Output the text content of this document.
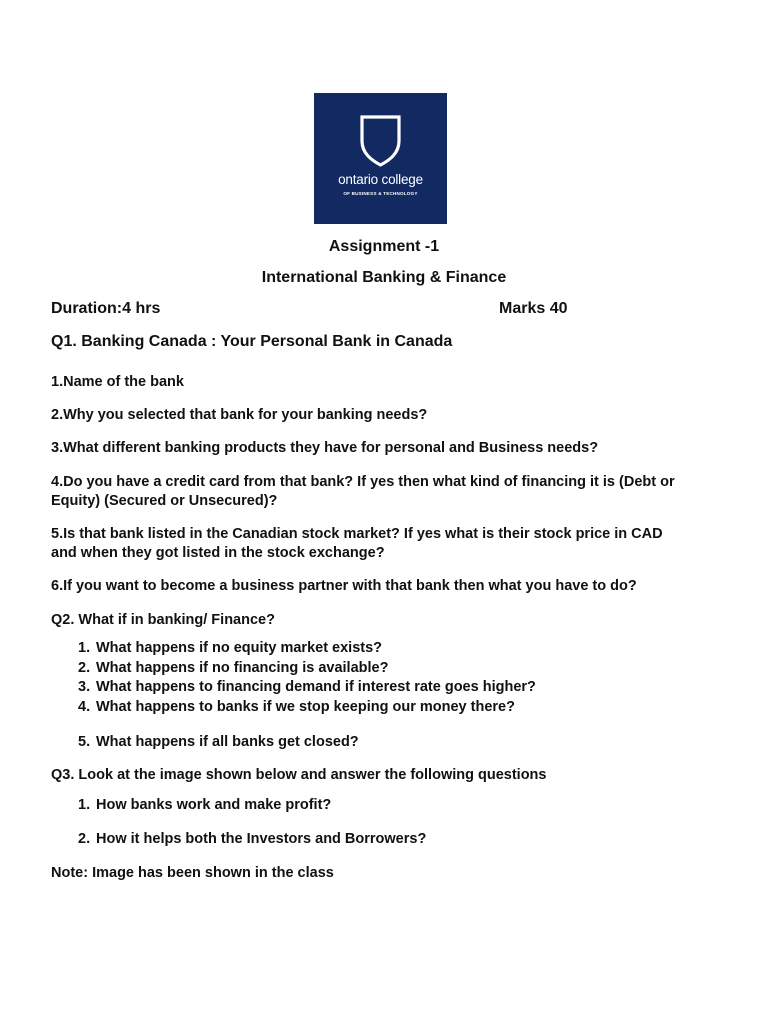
ontario college
OF BUSINESS & TECHNOLOGY
Assignment -1
International Banking & Finance
Duration:4 hrs	Marks 40
Q1. Banking Canada : Your Personal Bank in Canada
1.Name of the bank
2.Why you selected that bank for your banking needs?
3.What different banking products they have for personal and Business needs?
4.Do you have a credit card from that bank? If yes then what kind of financing it is (Debt or
Equity) (Secured or Unsecured)?
5.Is that bank listed in the Canadian stock market? If yes what is their stock price in CAD
and when they got listed in the stock exchange?
6.If you want to become a business partner with that bank then what you have to do?
Q2. What if in banking/ Finance?
1. What happens if no equity market exists?
2. What happens if no financing is available?
3. What happens to financing demand if interest rate goes higher?
4. What happens to banks if we stop keeping our money there?
5. What happens if all banks get closed?
Q3. Look at the image shown below and answer the following questions
1. How banks work and make profit?
2. How it helps both the Investors and Borrowers?
Note: Image has been shown in the class
